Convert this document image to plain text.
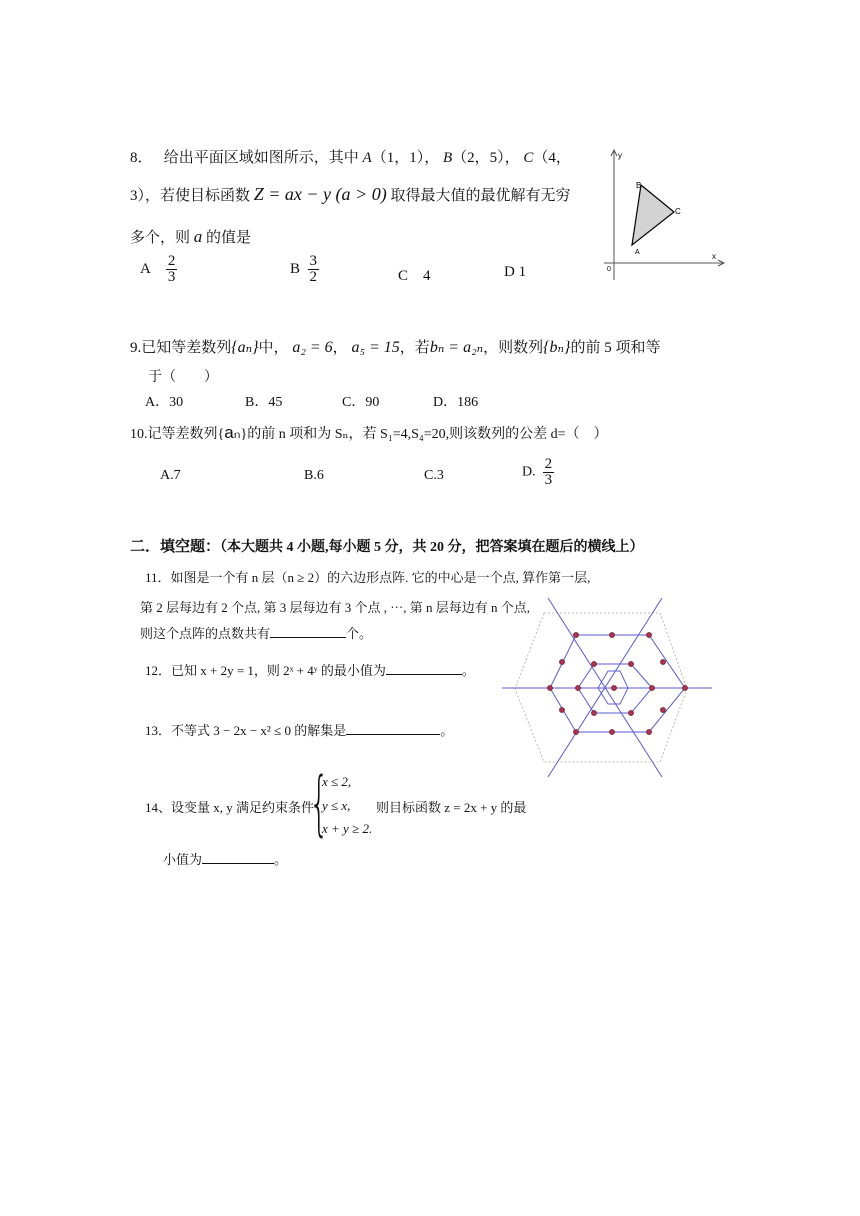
8． 给出平面区域如图所示，其中 A（1，1）， B（2，5）， C（4，
3），若使目标函数 Z = ax − y (a > 0) 取得最大值的最优解有无穷
多个，则 a 的值是
A $\frac{2}{3}$	B $\frac{3}{2}$	C　4	D 1
y
x
0
B
C
A
9.已知等差数列{aₙ}中， a₂ = 6， a₅ = 15，若bₙ = a₂ₙ，则数列{bₙ}的前 5 项和等
于（　　）
A．30	B．45	C．90	D．186
10.记等差数列{aₙ}的前 n 项和为 Sₙ，若 S₁=4,S₄=20,则该数列的公差 d=（　）
A.7	B.6	C.3	D. $\frac{2}{3}$
二．填空题：（本大题共 4 小题,每小题 5 分，共 20 分，把答案填在题后的横线上）
11．如图是一个有 n 层（n ≥ 2）的六边形点阵. 它的中心是一个点, 算作第一层,
第 2 层每边有 2 个点, 第 3 层每边有 3 个点 , ⋯, 第 n 层每边有 n 个点,
则这个点阵的点数共有	个。
12．已知 x + 2y = 1，则 2ˣ + 4ʸ 的最小值为	。
13．不等式 3 − 2x − x² ≤ 0 的解集是	。
14、设变量 x, y 满足约束条件
{
x ≤ 2,
y ≤ x,
x + y ≥ 2.
则目标函数 z = 2x + y 的最
小值为	。
